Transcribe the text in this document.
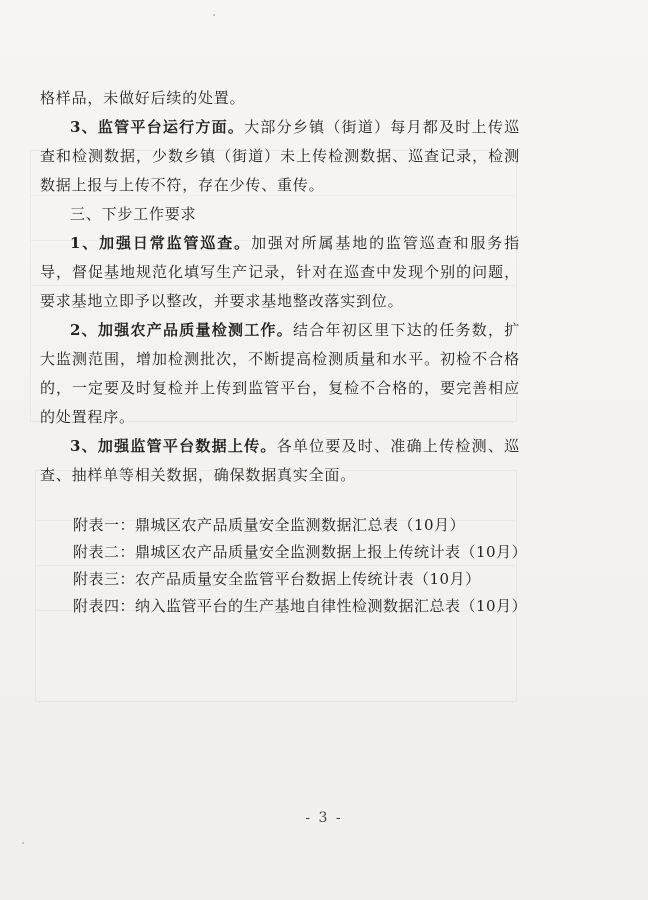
格样品，未做好后续的处置。

3、监管平台运行方面。大部分乡镇（街道）每月都及时上传巡查和检测数据，少数乡镇（街道）未上传检测数据、巡查记录，检测数据上报与上传不符，存在少传、重传。

三、下步工作要求

1、加强日常监管巡查。加强对所属基地的监管巡查和服务指导，督促基地规范化填写生产记录，针对在巡查中发现个别的问题，要求基地立即予以整改，并要求基地整改落实到位。

2、加强农产品质量检测工作。结合年初区里下达的任务数，扩大监测范围，增加检测批次，不断提高检测质量和水平。初检不合格的，一定要及时复检并上传到监管平台，复检不合格的，要完善相应的处置程序。

3、加强监管平台数据上传。各单位要及时、准确上传检测、巡查、抽样单等相关数据，确保数据真实全面。

附表一：鼎城区农产品质量安全监测数据汇总表（10月）

附表二：鼎城区农产品质量安全监测数据上报上传统计表（10月）

附表三：农产品质量安全监管平台数据上传统计表（10月）

附表四：纳入监管平台的生产基地自律性检测数据汇总表（10月）

- 3 -
